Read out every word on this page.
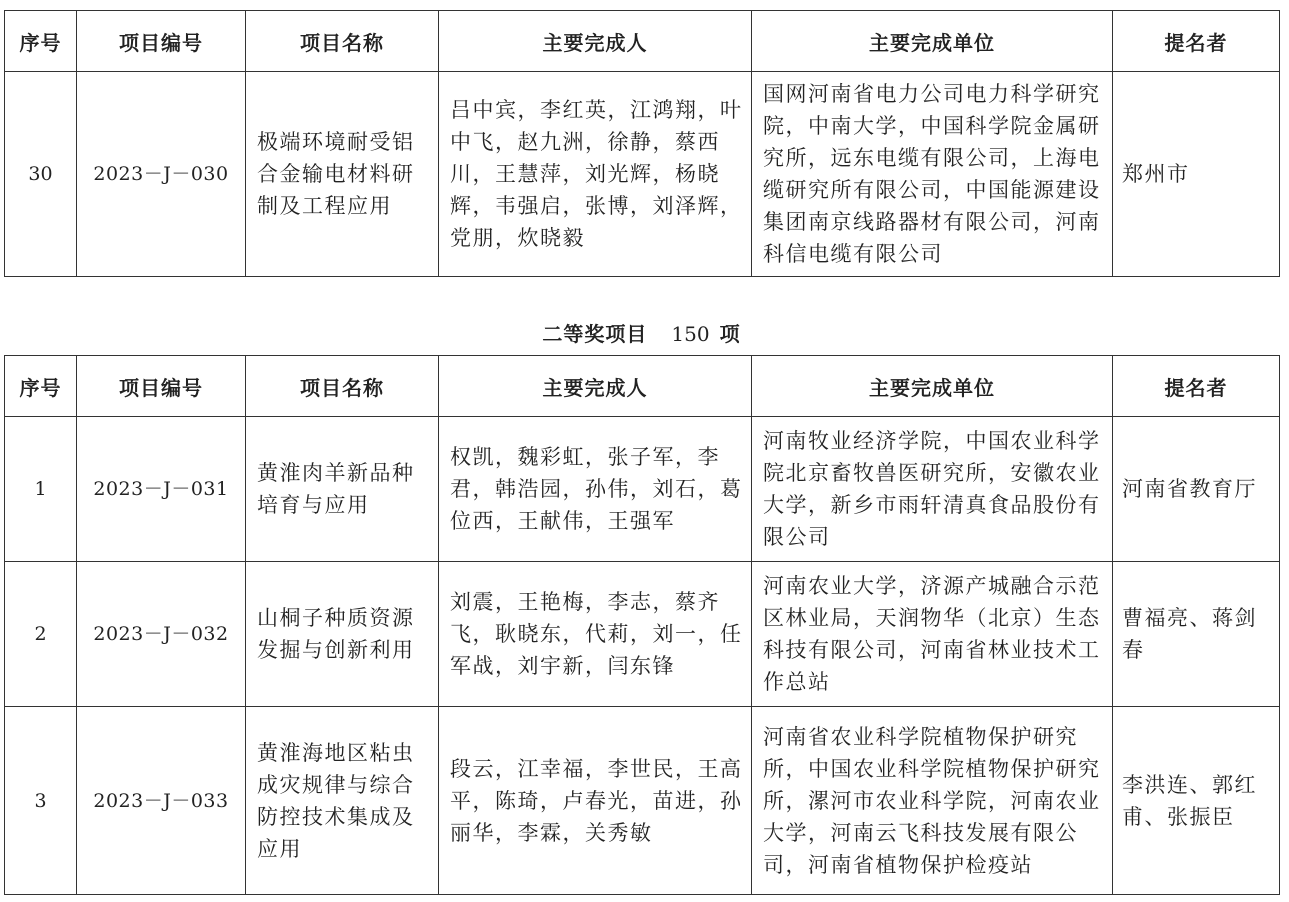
序号	项目编号	项目名称	主要完成人	主要完成单位	提名者
30	2023－J－030	极端环境耐受铝合金输电材料研制及工程应用	吕中宾，李红英，江鸿翔，叶中飞，赵九洲，徐静，蔡西川，王慧萍，刘光辉，杨晓辉，韦强启，张博，刘泽辉，党朋，炊晓毅	国网河南省电力公司电力科学研究院，中南大学，中国科学院金属研究所，远东电缆有限公司，上海电缆研究所有限公司，中国能源建设集团南京线路器材有限公司，河南科信电缆有限公司	郑州市
二等奖项目 150 项
序号	项目编号	项目名称	主要完成人	主要完成单位	提名者
1	2023－J－031	黄淮肉羊新品种培育与应用	权凯，魏彩虹，张子军，李君，韩浩园，孙伟，刘石，葛位西，王献伟，王强军	河南牧业经济学院，中国农业科学院北京畜牧兽医研究所，安徽农业大学，新乡市雨轩清真食品股份有限公司	河南省教育厅
2	2023－J－032	山桐子种质资源发掘与创新利用	刘震，王艳梅，李志，蔡齐飞，耿晓东，代莉，刘一，任军战，刘宇新，闫东锋	河南农业大学，济源产城融合示范区林业局，天润物华（北京）生态科技有限公司，河南省林业技术工作总站	曹福亮、蒋剑春
3	2023－J－033	黄淮海地区粘虫成灾规律与综合防控技术集成及应用	段云，江幸福，李世民，王高平，陈琦，卢春光，苗进，孙丽华，李霖，关秀敏	河南省农业科学院植物保护研究所，中国农业科学院植物保护研究所，漯河市农业科学院，河南农业大学，河南云飞科技发展有限公司，河南省植物保护检疫站	李洪连、郭红甫、张振臣
